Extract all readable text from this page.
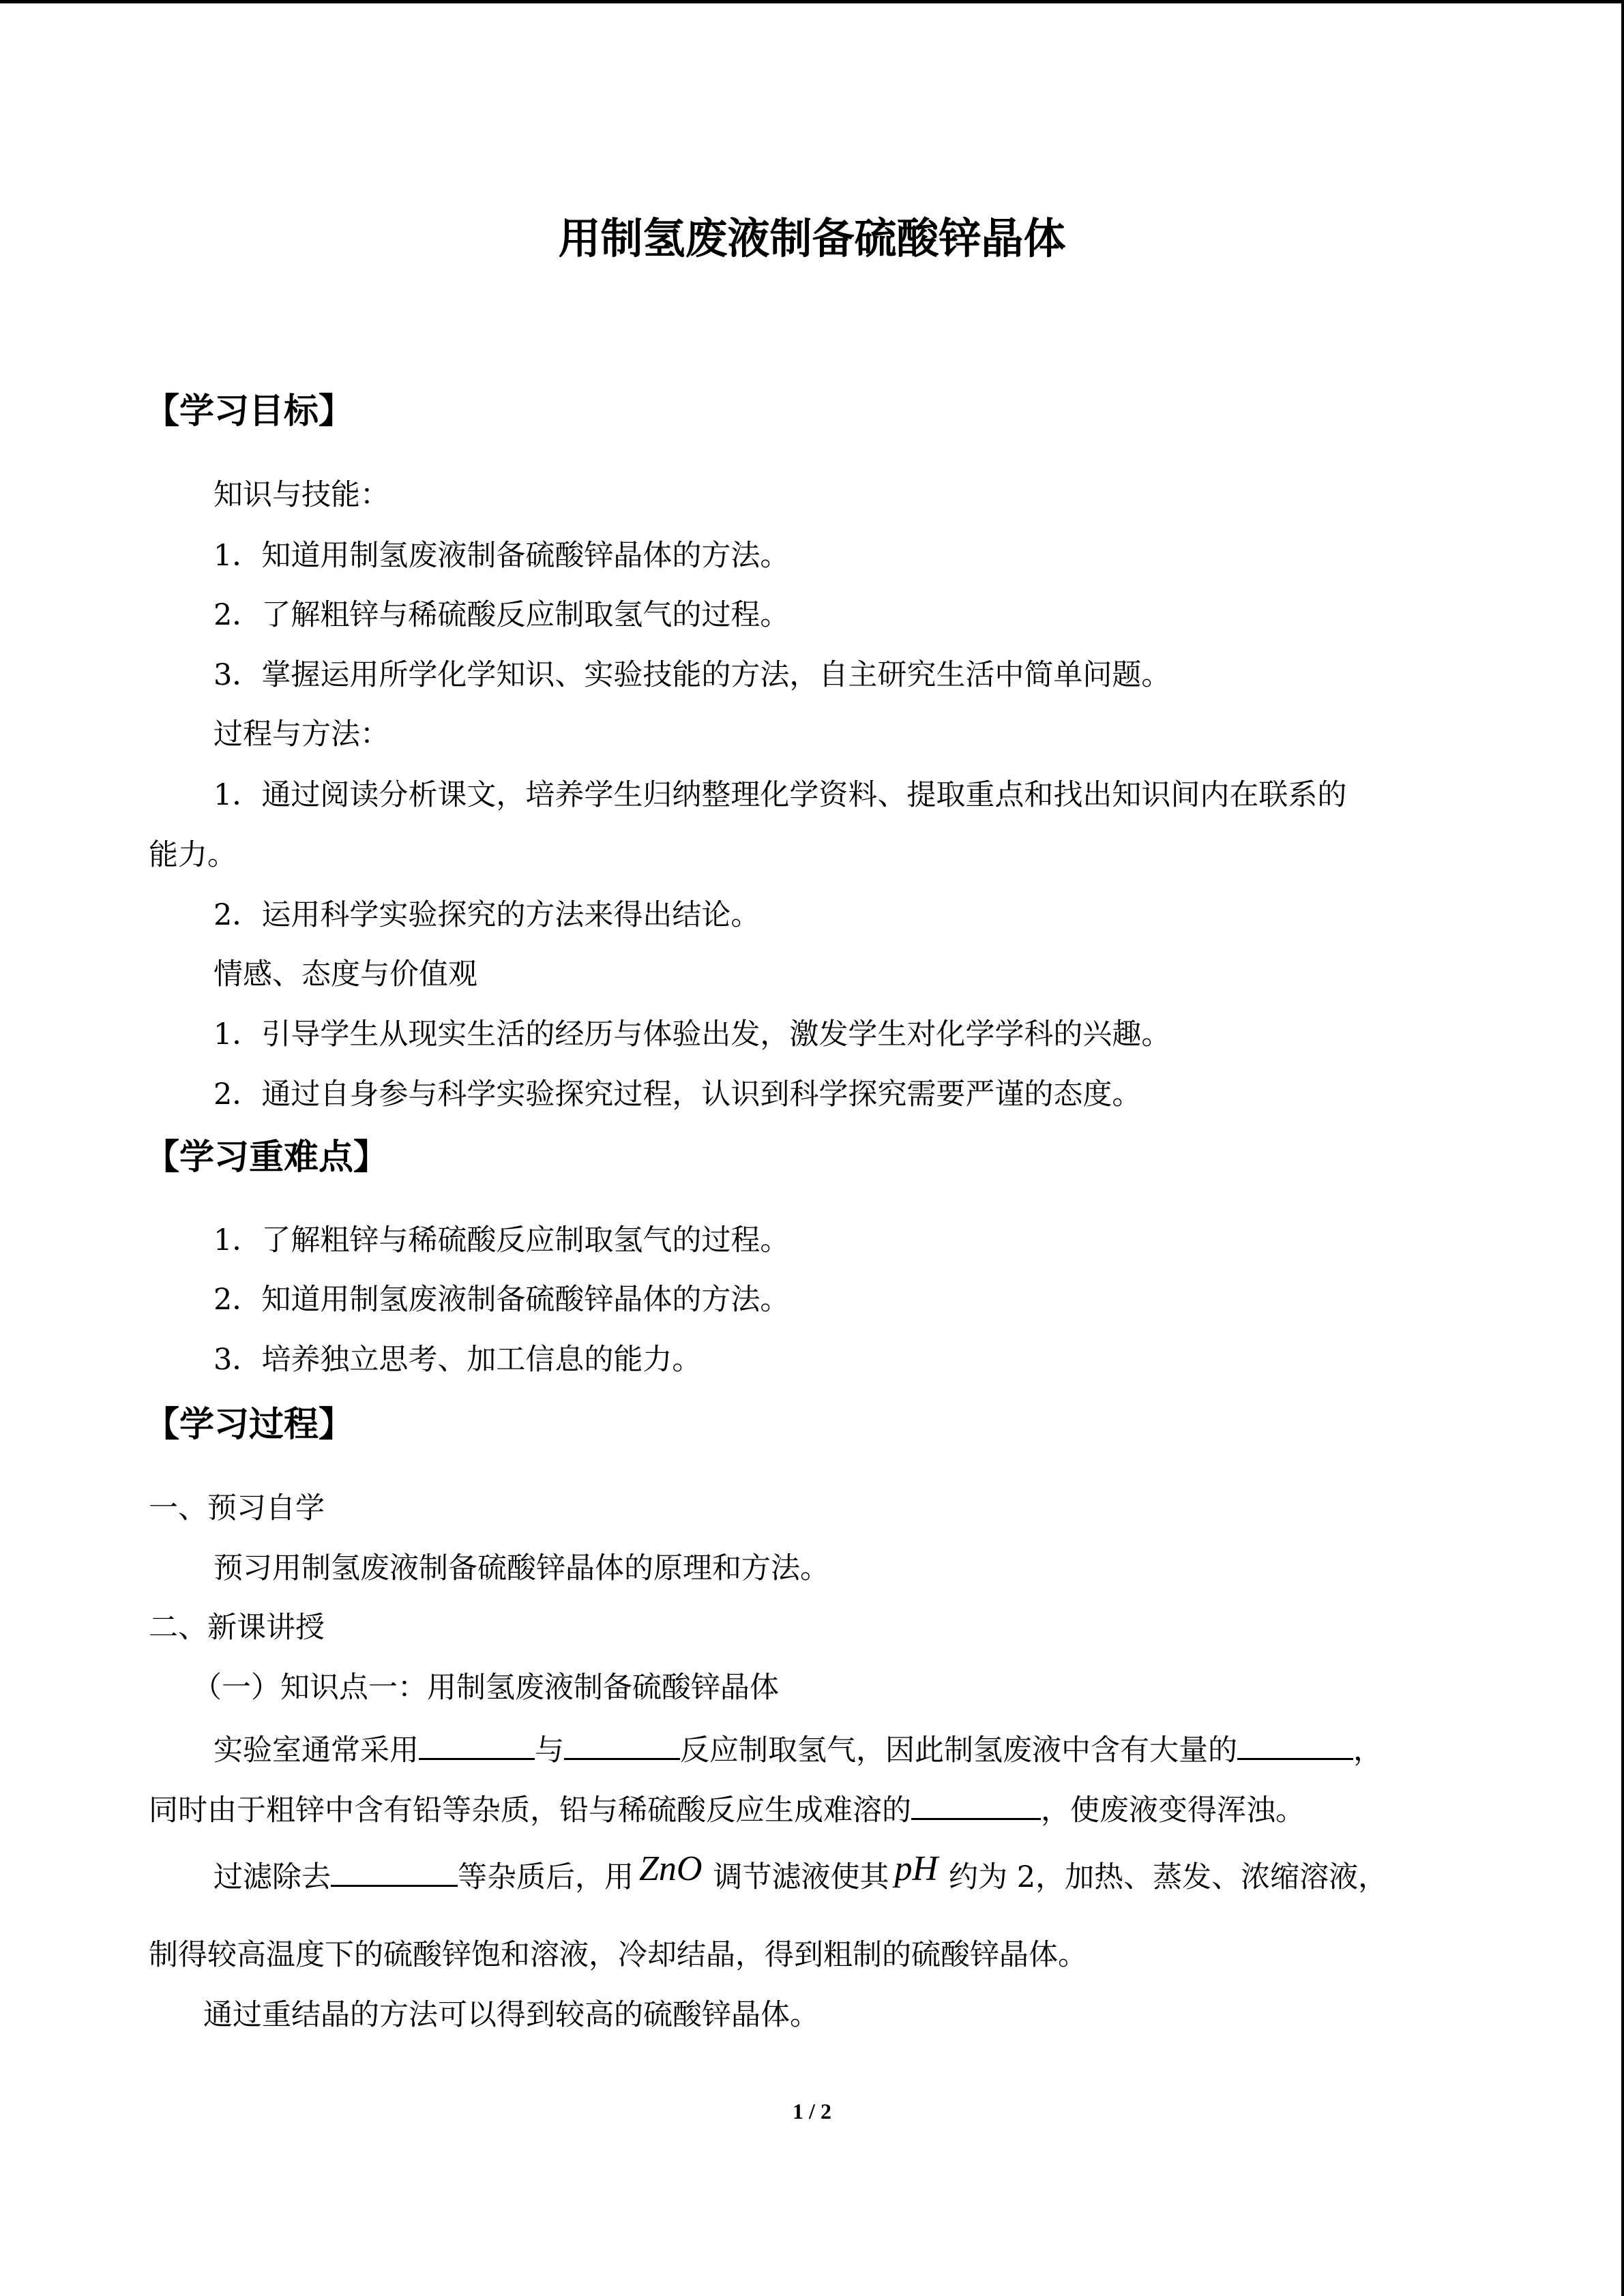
用制氢废液制备硫酸锌晶体
【学习目标】
知识与技能：
1．知道用制氢废液制备硫酸锌晶体的方法。
2．了解粗锌与稀硫酸反应制取氢气的过程。
3．掌握运用所学化学知识、实验技能的方法，自主研究生活中简单问题。
过程与方法：
1．通过阅读分析课文，培养学生归纳整理化学资料、提取重点和找出知识间内在联系的
能力。
2．运用科学实验探究的方法来得出结论。
情感、态度与价值观
1．引导学生从现实生活的经历与体验出发，激发学生对化学学科的兴趣。
2．通过自身参与科学实验探究过程，认识到科学探究需要严谨的态度。
【学习重难点】
1．了解粗锌与稀硫酸反应制取氢气的过程。
2．知道用制氢废液制备硫酸锌晶体的方法。
3．培养独立思考、加工信息的能力。
【学习过程】
一、预习自学
预习用制氢废液制备硫酸锌晶体的原理和方法。
二、新课讲授
（一）知识点一：用制氢废液制备硫酸锌晶体
实验室通常采用	与	反应制取氢气，因此制氢废液中含有大量的	，
同时由于粗锌中含有铅等杂质，铅与稀硫酸反应生成难溶的	，使废液变得浑浊。
过滤除去	等杂质后，用 ZnO 调节滤液使其 pH 约为 2，加热、蒸发、浓缩溶液，
制得较高温度下的硫酸锌饱和溶液，冷却结晶，得到粗制的硫酸锌晶体。
通过重结晶的方法可以得到较高的硫酸锌晶体。
1 / 2
